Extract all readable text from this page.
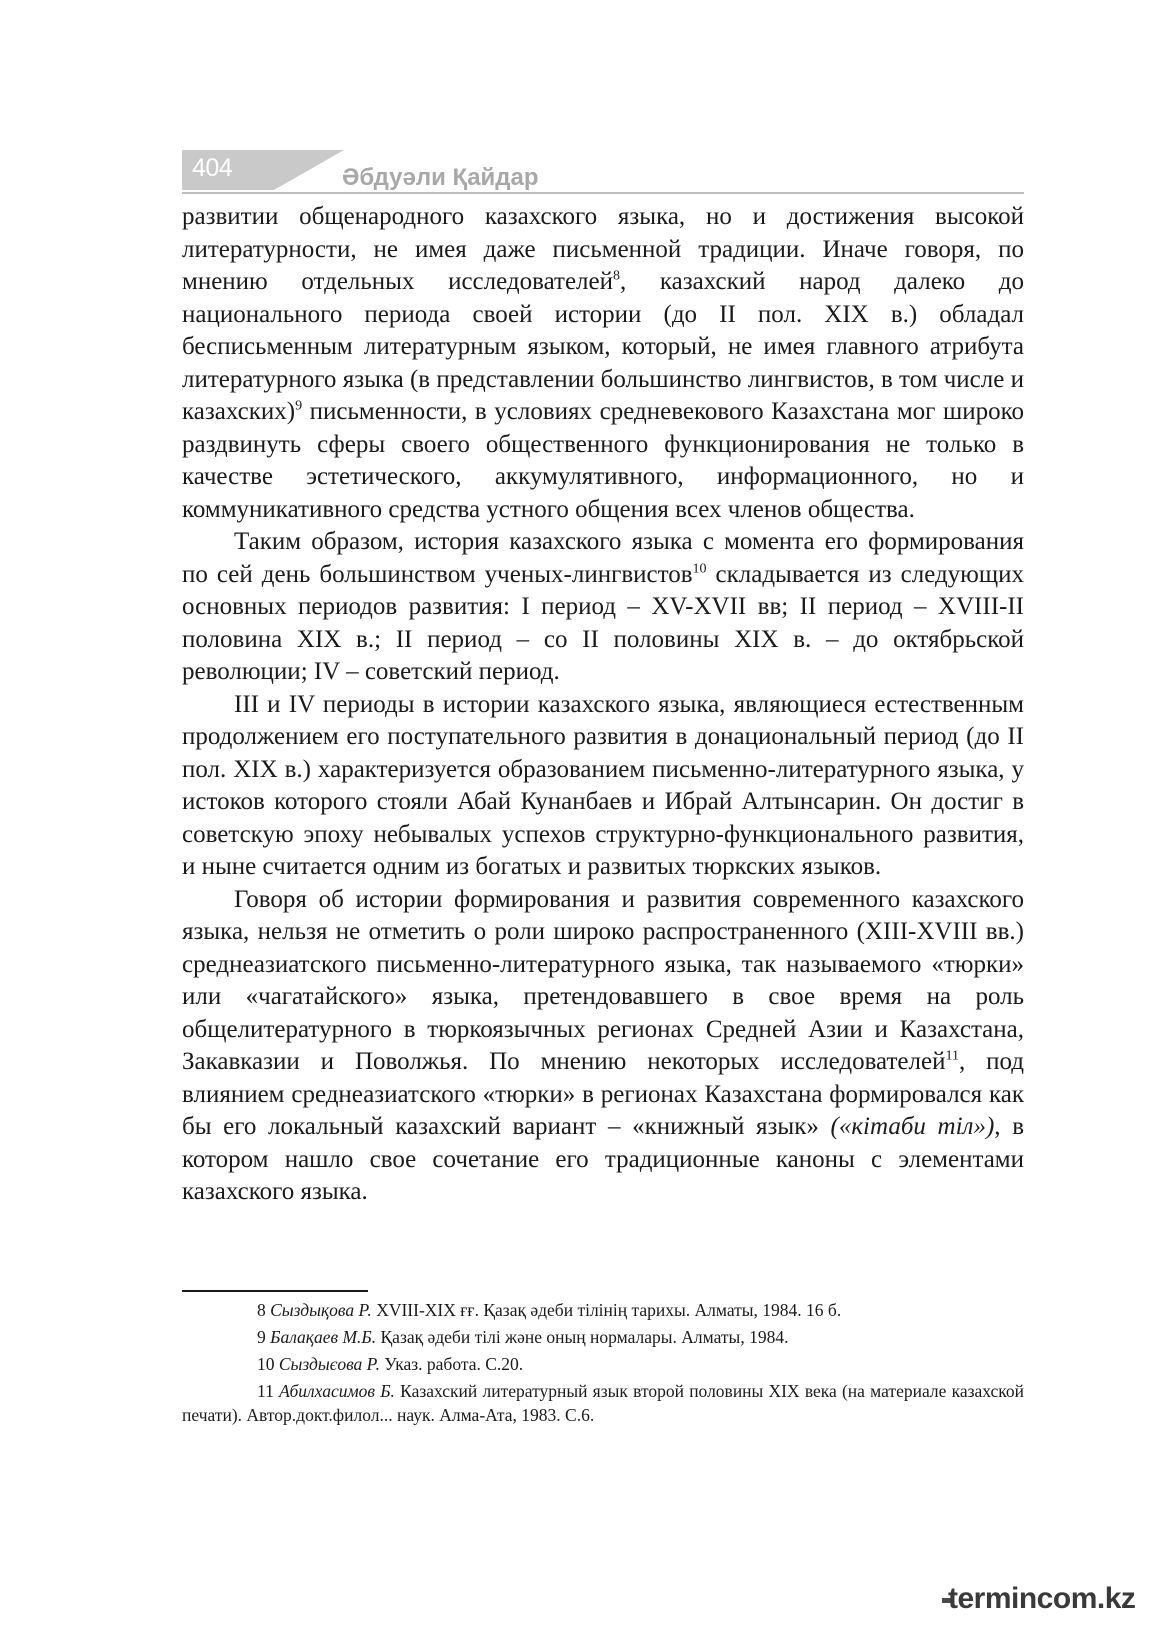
404	Әбдуәли Қайдар

развитии общенародного казахского языка, но и достижения высокой литературности, не имея даже письменной традиции. Иначе говоря, по мнению отдельных исследователей$^8$, казахский народ далеко до национального периода своей истории (до II пол. XIX в.) обладал бесписьменным литературным языком, который, не имея главного атрибута литературного языка (в представлении большинство лингвистов, в том числе и казахских)$^9$ письменности, в условиях средневекового Казахстана мог широко раздвинуть сферы своего общественного функционирования не только в качестве эстетического, аккумулятивного, информационного, но и коммуникативного средства устного общения всех членов общества.

Таким образом, история казахского языка с момента его формирования по сей день большинством ученых-лингвистов$^{10}$ складывается из следующих основных периодов развития: I период – XV-XVII вв; II период – XVIII-II половина XIX в.; II период – со II половины XIX в. – до октябрьской революции; IV – советский период.

III и IV периоды в истории казахского языка, являющиеся естественным продолжением его поступательного развития в донациональный период (до II пол. XIX в.) характеризуется образованием письменно-литературного языка, у истоков которого стояли Абай Кунанбаев и Ибрай Алтынсарин. Он достиг в советскую эпоху небывалых успехов структурно-функционального развития, и ныне считается одним из богатых и развитых тюркских языков.

Говоря об истории формирования и развития современного казахского языка, нельзя не отметить о роли широко распространенного (XIII-XVIII вв.) среднеазиатского письменно-литературного языка, так называемого «тюрки» или «чагатайского» языка, претендовавшего в свое время на роль общелитературного в тюркоязычных регионах Средней Азии и Казахстана, Закавказии и Поволжья. По мнению некоторых исследователей$^{11}$, под влиянием среднеазиатского «тюрки» в регионах Казахстана формировался как бы его локальный казахский вариант – «книжный язык» («кітаби тіл»), в котором нашло свое сочетание его традиционные каноны с элементами казахского языка.

8 Сыздықова Р. XVIII-XIX ғғ. Қазақ әдеби тілінің тарихы. Алматы, 1984. 16 б.

9 Балақаев М.Б. Қазақ әдеби тілі және оның нормалары. Алматы, 1984.

10 Сыздыєова Р. Указ. работа. С.20.

11 Абилхасимов Б. Казахский литературный язык второй половины XIX века (на материале казахской печати). Автор.докт.филол... наук. Алма-Ата, 1983. С.6.

termincom.kz
